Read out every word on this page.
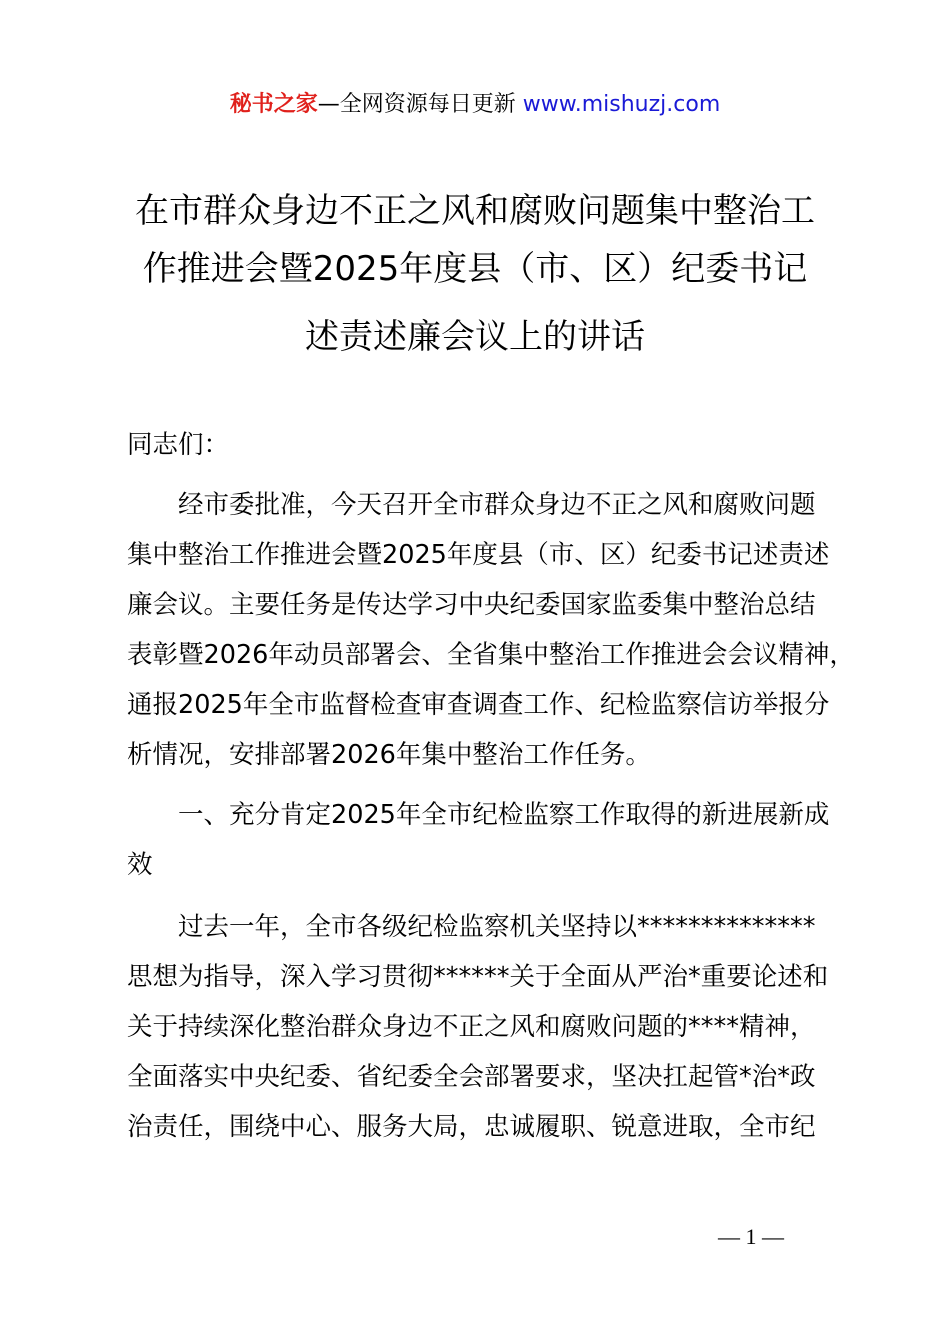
秘书之家—全网资源每日更新 www.mishuzj.com
在市群众身边不正之风和腐败问题集中整治工
作推进会暨2025年度县（市、区）纪委书记
述责述廉会议上的讲话
同志们：
经市委批准，今天召开全市群众身边不正之风和腐败问题
集中整治工作推进会暨2025年度县（市、区）纪委书记述责述
廉会议。主要任务是传达学习中央纪委国家监委集中整治总结
表彰暨2026年动员部署会、全省集中整治工作推进会会议精神，
通报2025年全市监督检查审查调查工作、纪检监察信访举报分
析情况，安排部署2026年集中整治工作任务。
一、充分肯定2025年全市纪检监察工作取得的新进展新成
效
过去一年，全市各级纪检监察机关坚持以**************
思想为指导，深入学习贯彻******关于全面从严治*重要论述和
关于持续深化整治群众身边不正之风和腐败问题的****精神，
全面落实中央纪委、省纪委全会部署要求，坚决扛起管*治*政
治责任，围绕中心、服务大局，忠诚履职、锐意进取，全市纪
— 1 —
